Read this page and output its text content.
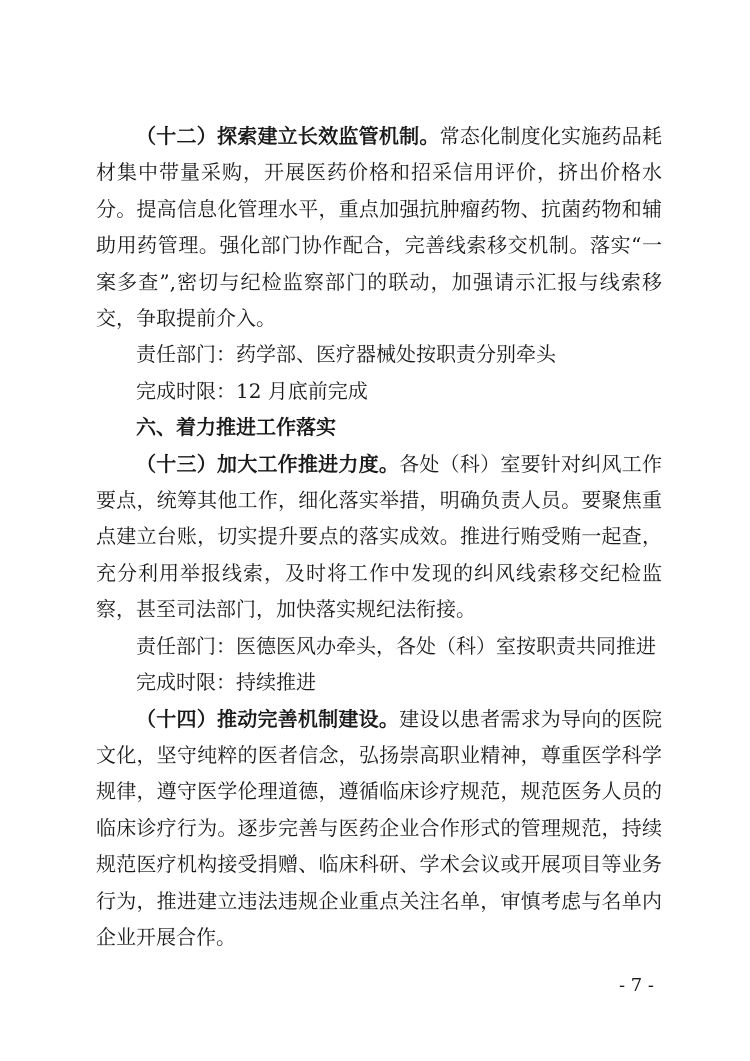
（十二）探索建立长效监管机制。常态化制度化实施药品耗材集中带量采购，开展医药价格和招采信用评价，挤出价格水分。提高信息化管理水平，重点加强抗肿瘤药物、抗菌药物和辅助用药管理。强化部门协作配合，完善线索移交机制。落实“一案多查”,密切与纪检监察部门的联动，加强请示汇报与线索移交，争取提前介入。

责任部门：药学部、医疗器械处按职责分别牵头

完成时限：12 月底前完成

六、着力推进工作落实

（十三）加大工作推进力度。各处（科）室要针对纠风工作要点，统筹其他工作，细化落实举措，明确负责人员。要聚焦重点建立台账，切实提升要点的落实成效。推进行贿受贿一起查，充分利用举报线索，及时将工作中发现的纠风线索移交纪检监察，甚至司法部门，加快落实规纪法衔接。

责任部门：医德医风办牵头，各处（科）室按职责共同推进

完成时限：持续推进

（十四）推动完善机制建设。建设以患者需求为导向的医院文化，坚守纯粹的医者信念，弘扬崇高职业精神，尊重医学科学规律，遵守医学伦理道德，遵循临床诊疗规范，规范医务人员的临床诊疗行为。逐步完善与医药企业合作形式的管理规范，持续规范医疗机构接受捐赠、临床科研、学术会议或开展项目等业务行为，推进建立违法违规企业重点关注名单，审慎考虑与名单内企业开展合作。

- 7 -
